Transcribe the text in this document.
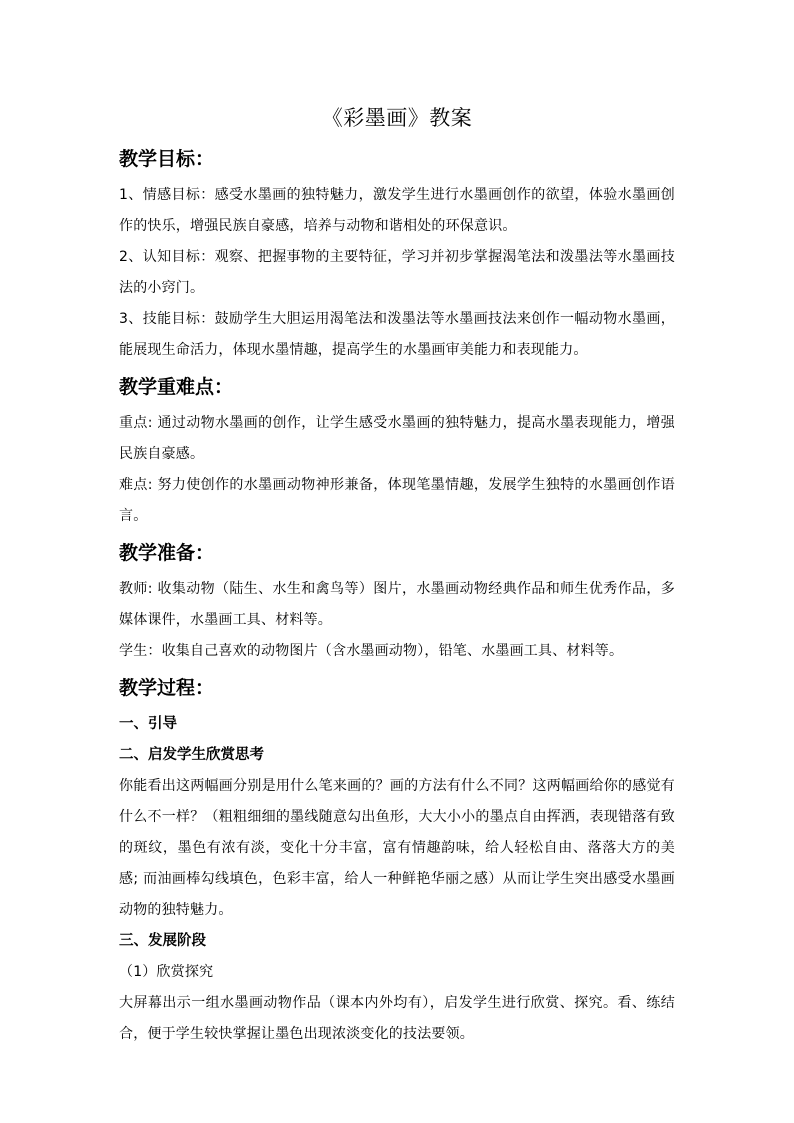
《彩墨画》教案
教学目标：

1、情感目标：感受水墨画的独特魅力，激发学生进行水墨画创作的欲望，体验水墨画创作的快乐，增强民族自豪感，培养与动物和谐相处的环保意识。

2、认知目标：观察、把握事物的主要特征，学习并初步掌握渴笔法和泼墨法等水墨画技法的小窍门。

3、技能目标：鼓励学生大胆运用渴笔法和泼墨法等水墨画技法来创作一幅动物水墨画，能展现生命活力，体现水墨情趣，提高学生的水墨画审美能力和表现能力。

教学重难点：

重点: 通过动物水墨画的创作，让学生感受水墨画的独特魅力，提高水墨表现能力，增强民族自豪感。

难点: 努力使创作的水墨画动物神形兼备，体现笔墨情趣，发展学生独特的水墨画创作语言。

教学准备：

教师: 收集动物（陆生、水生和禽鸟等）图片，水墨画动物经典作品和师生优秀作品，多媒体课件，水墨画工具、材料等。

学生：收集自己喜欢的动物图片（含水墨画动物），铅笔、水墨画工具、材料等。

教学过程：

一、引导

二、启发学生欣赏思考

你能看出这两幅画分别是用什么笔来画的？画的方法有什么不同？这两幅画给你的感觉有什么不一样？（粗粗细细的墨线随意勾出鱼形，大大小小的墨点自由挥洒，表现错落有致的斑纹，墨色有浓有淡，变化十分丰富，富有情趣韵味，给人轻松自由、落落大方的美感; 而油画棒勾线填色，色彩丰富，给人一种鲜艳华丽之感）从而让学生突出感受水墨画动物的独特魅力。

三、发展阶段

（1）欣赏探究

大屏幕出示一组水墨画动物作品（课本内外均有），启发学生进行欣赏、探究。看、练结合，便于学生较快掌握让墨色出现浓淡变化的技法要领。
